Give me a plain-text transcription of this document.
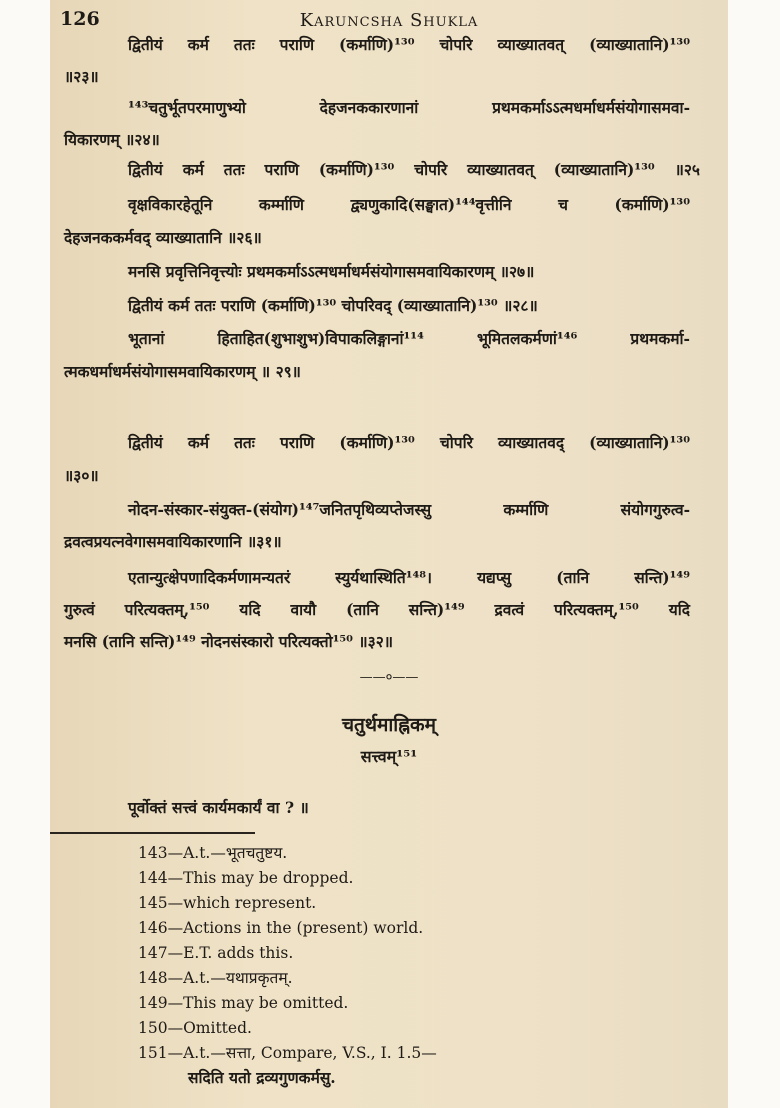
126	Karuncsha Shukla
द्वितीयं कर्म ततः पराणि (कर्माणि)¹³⁰ चोपरि व्याख्यातवत् (व्याख्यातानि)¹³⁰
॥२३॥
¹⁴³चतुर्भूतपरमाणुभ्यो देहजनककारणानां प्रथमकर्माऽऽत्मधर्माधर्मसंयोगासमवा-
यिकारणम् ॥२४॥
द्वितीयं कर्म ततः पराणि (कर्माणि)¹³⁰ चोपरि व्याख्यातवत् (व्याख्यातानि)¹³⁰ ॥२५
वृक्षविकारहेतूनि कर्म्माणि द्व्यणुकादि(सङ्घात)¹⁴⁴वृत्तीनि च (कर्माणि)¹³⁰
देहजनककर्मवद् व्याख्यातानि ॥२६॥
मनसि प्रवृत्तिनिवृत्त्योः प्रथमकर्माऽऽत्मधर्माधर्मसंयोगासमवायिकारणम् ॥२७॥
द्वितीयं कर्म ततः पराणि (कर्माणि)¹³⁰ चोपरिवद् (व्याख्यातानि)¹³⁰ ॥२८॥
भूतानां हिताहित(शुभाशुभ)विपाकलिङ्गानां¹¹⁴ भूमितलकर्मणां¹⁴⁶ प्रथमकर्मा-
त्मकधर्माधर्मसंयोगासमवायिकारणम् ॥ २९॥
द्वितीयं कर्म ततः पराणि (कर्माणि)¹³⁰ चोपरि व्याख्यातवद् (व्याख्यातानि)¹³⁰
॥३०॥
नोदन-संस्कार-संयुक्त-(संयोग)¹⁴⁷जनितपृथिव्यप्तेजस्सु कर्म्माणि संयोगगुरुत्व-
द्रवत्वप्रयत्नवेगासमवायिकारणानि ॥३१॥
एतान्युत्क्षेपणादिकर्मणामन्यतरं स्युर्यथास्थिति¹⁴⁸। यद्यप्सु (तानि सन्ति)¹⁴⁹
गुरुत्वं परित्यक्तम्,¹⁵⁰ यदि वायौ (तानि सन्ति)¹⁴⁹ द्रवत्वं परित्यक्तम्,¹⁵⁰ यदि
मनसि (तानि सन्ति)¹⁴⁹ नोदनसंस्कारो परित्यक्तो¹⁵⁰ ॥३२॥
——०——
चतुर्थमाह्निकम्
सत्त्वम्¹⁵¹
पूर्वोक्तं सत्त्वं कार्यमकार्यं वा ? ॥
143—A.t.—भूतचतुष्टय.
144—This may be dropped.
145—which represent.
146—Actions in the (present) world.
147—E.T. adds this.
148—A.t.—यथाप्रकृतम्.
149—This may be omitted.
150—Omitted.
151—A.t.—सत्ता, Compare, V.S., I. 1.5—
सदिति यतो द्रव्यगुणकर्मसु.
